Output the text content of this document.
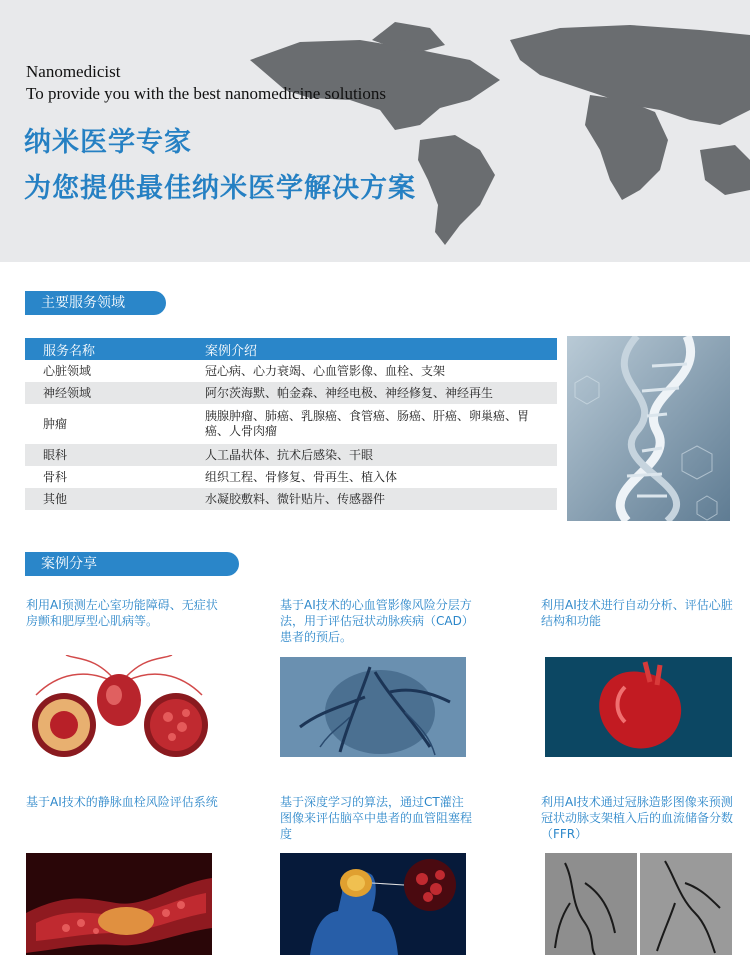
Nanomedicist
To provide you with the best nanomedicine solutions
纳米医学专家
为您提供最佳纳米医学解决方案
主要服务领域
服务名称	案例介绍
心脏领域	冠心病、心力衰竭、心血管影像、血栓、支架
神经领域	阿尔茨海默、帕金森、神经电极、神经修复、神经再生
肿瘤	胰腺肿瘤、肺癌、乳腺癌、食管癌、肠癌、肝癌、卵巢癌、胃癌、人骨肉瘤
眼科	人工晶状体、抗术后感染、干眼
骨科	组织工程、骨修复、骨再生、植入体
其他	水凝胶敷料、微针贴片、传感器件
案例分享
利用AI预测左心室功能障碍、无症状房颤和肥厚型心肌病等。
基于AI技术的心血管影像风险分层方法，用于评估冠状动脉疾病（CAD）患者的预后。
利用AI技术进行自动分析、评估心脏结构和功能
基于AI技术的静脉血栓风险评估系统	基于深度学习的算法，通过CT灌注图像来评估脑卒中患者的血管阻塞程度
利用AI技术通过冠脉造影图像来预测冠状动脉支架植入后的血流储备分数（FFR）
